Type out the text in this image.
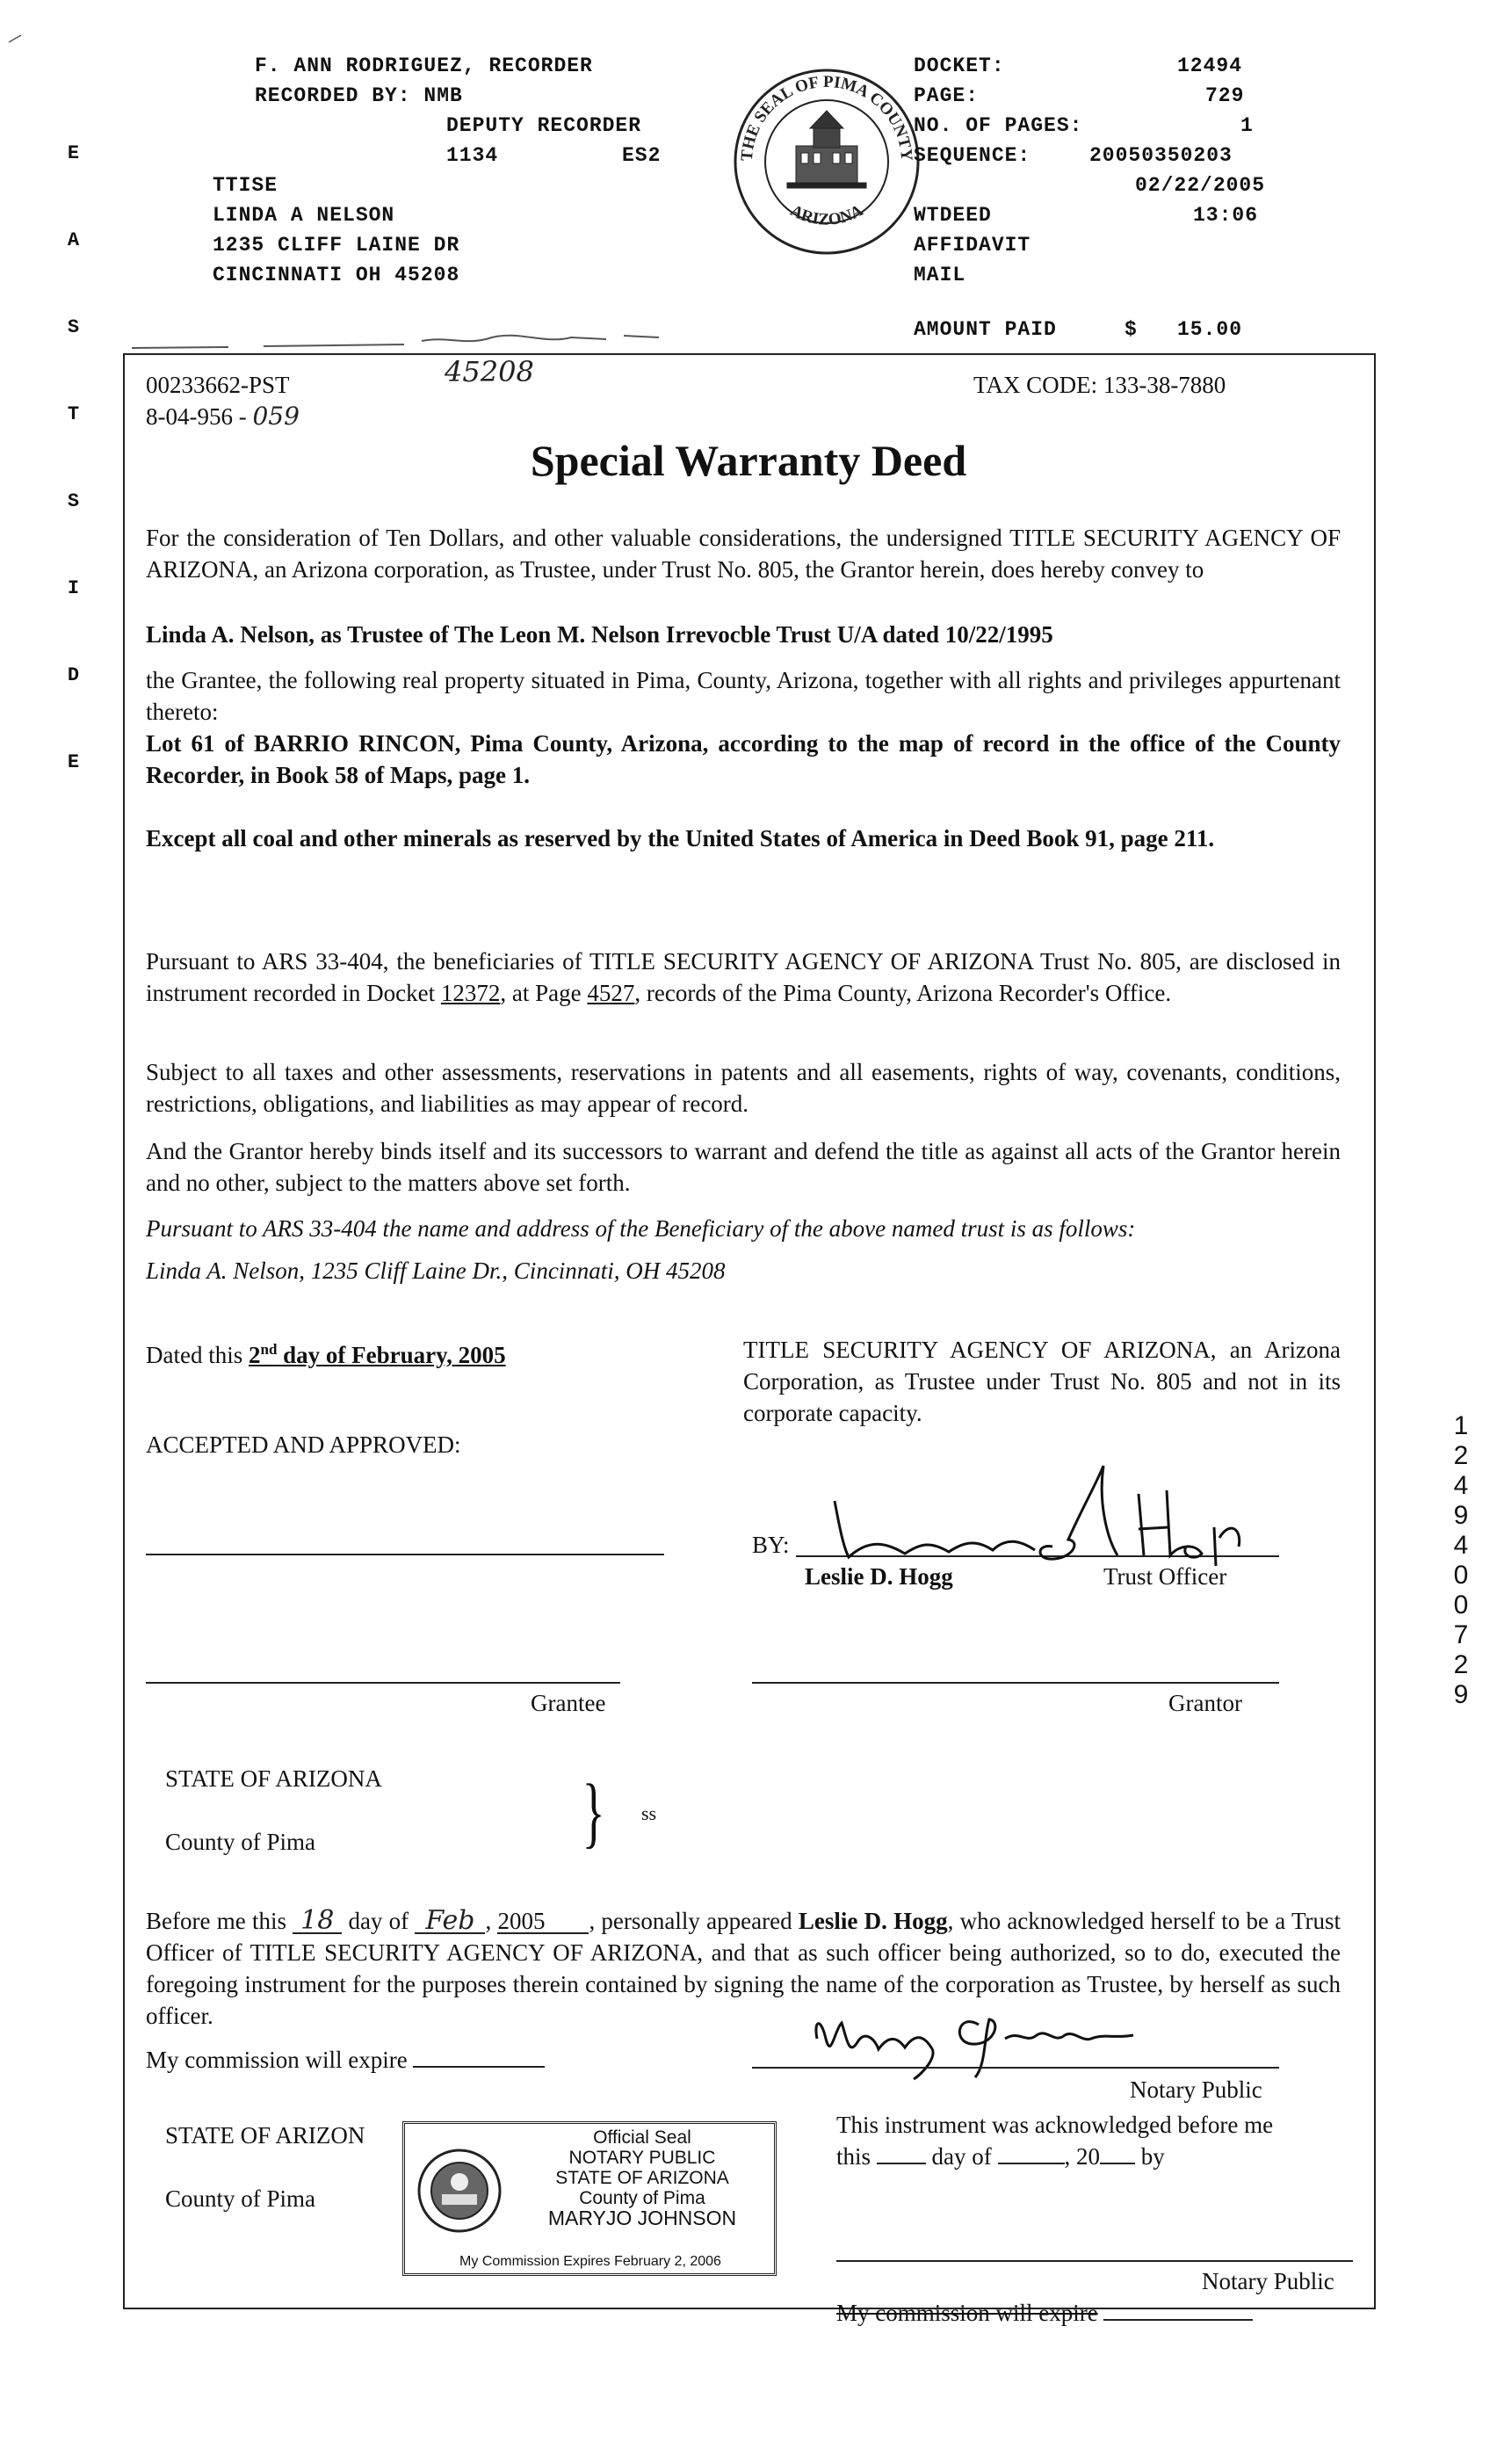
E

A

S

T

S

I

D

E

1
2
4
9
4
0
0
7
2
9
F. ANN RODRIGUEZ, RECORDER
RECORDED BY: NMB
DEPUTY RECORDER
1134	ES2
TTISE
LINDA A NELSON
1235 CLIFF LAINE DR
CINCINNATI OH 45208
THE SEAL OF PIMA COUNTY
ARIZONA
DOCKET:	12494
PAGE:	729
NO. OF PAGES:	1
SEQUENCE:	20050350203
02/22/2005
WTDEED	13:06
AFFIDAVIT
MAIL
AMOUNT PAID	$ 15.00
00233662-PST
8-04-956 - 059
45208	TAX CODE: 133-38-7880
Special Warranty Deed
For the consideration of Ten Dollars, and other valuable considerations, the undersigned TITLE SECURITY AGENCY OF ARIZONA, an Arizona corporation, as Trustee, under Trust No. 805, the Grantor herein, does hereby convey to
Linda A. Nelson, as Trustee of The Leon M. Nelson Irrevocble Trust U/A dated 10/22/1995
the Grantee, the following real property situated in Pima, County, Arizona, together with all rights and privileges appurtenant thereto:
Lot 61 of BARRIO RINCON, Pima County, Arizona, according to the map of record in the office of the County Recorder, in Book 58 of Maps, page 1.
Except all coal and other minerals as reserved by the United States of America in Deed Book 91, page 211.
Pursuant to ARS 33-404, the beneficiaries of TITLE SECURITY AGENCY OF ARIZONA Trust No. 805, are disclosed in instrument recorded in Docket 12372, at Page 4527, records of the Pima County, Arizona Recorder's Office.
Subject to all taxes and other assessments, reservations in patents and all easements, rights of way, covenants, conditions, restrictions, obligations, and liabilities as may appear of record.
And the Grantor hereby binds itself and its successors to warrant and defend the title as against all acts of the Grantor herein and no other, subject to the matters above set forth.
Pursuant to ARS 33-404 the name and address of the Beneficiary of the above named trust is as follows:
Linda A. Nelson, 1235 Cliff Laine Dr., Cincinnati, OH 45208
Dated this 2nd day of February, 2005	TITLE SECURITY AGENCY OF ARIZONA, an Arizona Corporation, as Trustee under Trust No. 805 and not in its corporate capacity.
ACCEPTED AND APPROVED:
BY:
Leslie D. Hogg
Leslie D. Hogg	Trust Officer
Grantee	Grantor
STATE OF ARIZONA
County of Pima	} ss
Before me this 18 day of Feb , 2005 , personally appeared Leslie D. Hogg, who acknowledged herself to be a Trust Officer of TITLE SECURITY AGENCY OF ARIZONA, and that as such officer being authorized, so to do, executed the foregoing instrument for the purposes therein contained by signing the name of the corporation as Trustee, by herself as such officer.
My commission will expire
Maryjo Johnson
Notary Public
STATE OF ARIZON
County of Pima
Official Seal
NOTARY PUBLIC
STATE OF ARIZONA
County of Pima
MARYJO JOHNSON
My Commission Expires February 2, 2006
This instrument was acknowledged before me
this	day of	, 20 by
Notary Public
My commission will expire
